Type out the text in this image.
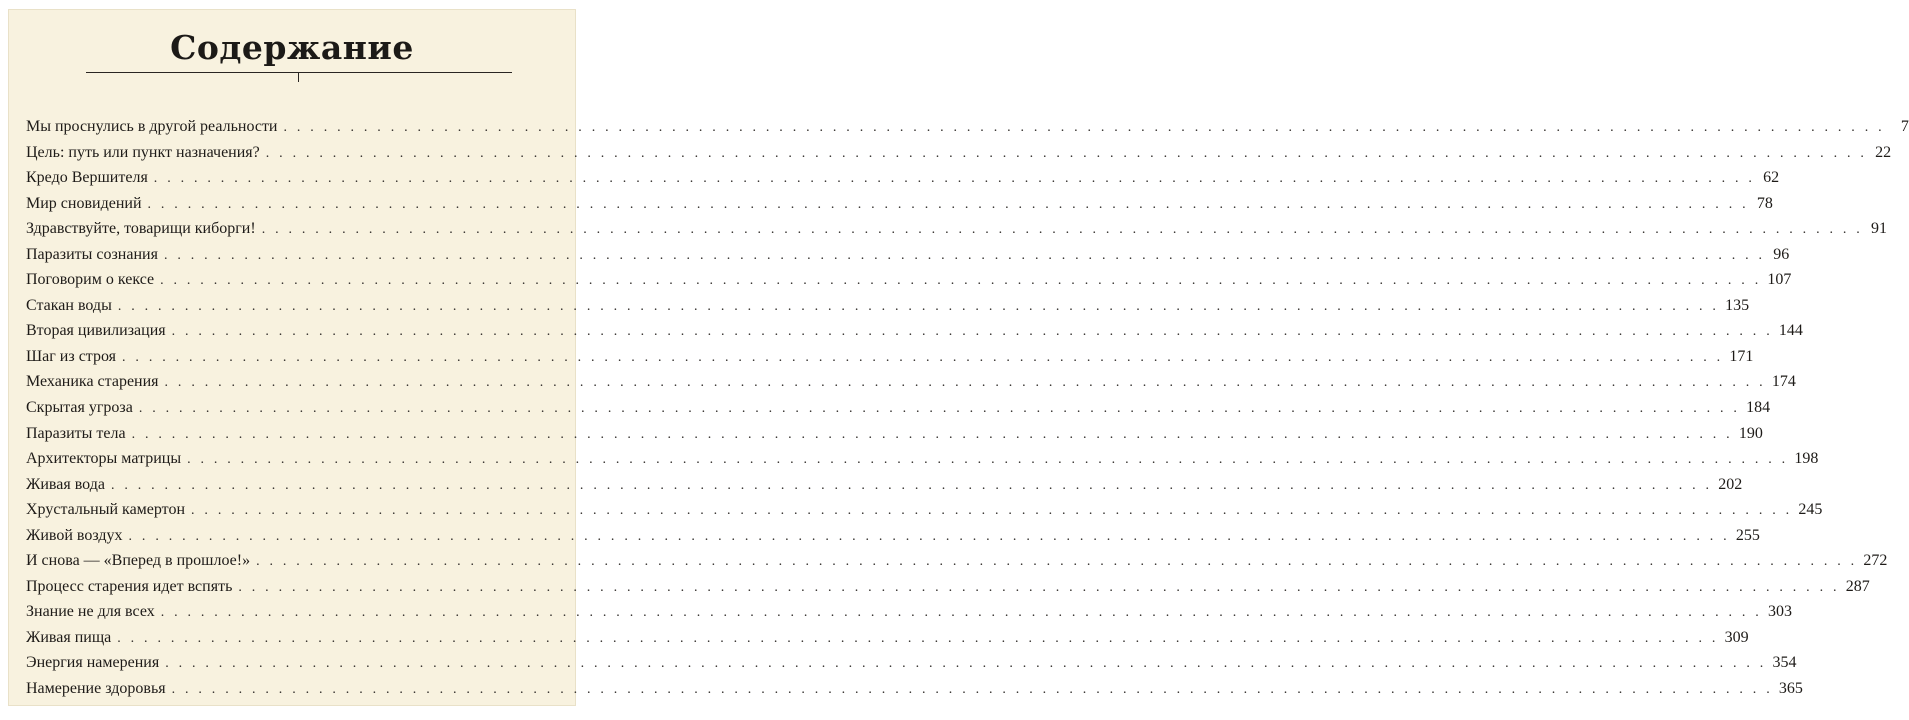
Содержание
Мы проснулись в другой реальности . . . . . . . . . . . . . . . . . . . . . . . . . . . . . . . . . . . . . . . . . . . . . . . . . . . . . . . . . . . . . . . . . . . . . . . . . . . . . . . . . . . . . . . . . . . . . . . . . . . . . . . . . . . . . . . . . . . . . . . .	7
Цель: путь или пункт назначения? . . . . . . . . . . . . . . . . . . . . . . . . . . . . . . . . . . . . . . . . . . . . . . . . . . . . . . . . . . . . . . . . . . . . . . . . . . . . . . . . . . . . . . . . . . . . . . . . . . . . . . . . . . . . . . . . . . . . . . . . 22
Кредо Вершителя . . . . . . . . . . . . . . . . . . . . . . . . . . . . . . . . . . . . . . . . . . . . . . . . . . . . . . . . . . . . . . . . . . . . . . . . . . . . . . . . . . . . . . . . . . . . . . . . . . . . . . . . . . . . . . . . . . . . . . . . 62
Мир сновидений . . . . . . . . . . . . . . . . . . . . . . . . . . . . . . . . . . . . . . . . . . . . . . . . . . . . . . . . . . . . . . . . . . . . . . . . . . . . . . . . . . . . . . . . . . . . . . . . . . . . . . . . . . . . . . . . . . . . . . . . 78
Здравствуйте, товарищи киборги! . . . . . . . . . . . . . . . . . . . . . . . . . . . . . . . . . . . . . . . . . . . . . . . . . . . . . . . . . . . . . . . . . . . . . . . . . . . . . . . . . . . . . . . . . . . . . . . . . . . . . . . . . . . . . . . . . . . . . . . . 91
Паразиты сознания . . . . . . . . . . . . . . . . . . . . . . . . . . . . . . . . . . . . . . . . . . . . . . . . . . . . . . . . . . . . . . . . . . . . . . . . . . . . . . . . . . . . . . . . . . . . . . . . . . . . . . . . . . . . . . . . . . . . . . . . 96
Поговорим о кексе . . . . . . . . . . . . . . . . . . . . . . . . . . . . . . . . . . . . . . . . . . . . . . . . . . . . . . . . . . . . . . . . . . . . . . . . . . . . . . . . . . . . . . . . . . . . . . . . . . . . . . . . . . . . . . . . . . . . . . . . 107
Стакан воды . . . . . . . . . . . . . . . . . . . . . . . . . . . . . . . . . . . . . . . . . . . . . . . . . . . . . . . . . . . . . . . . . . . . . . . . . . . . . . . . . . . . . . . . . . . . . . . . . . . . . . . . . . . . . . . . . . . . . . . . 135
Вторая цивилизация . . . . . . . . . . . . . . . . . . . . . . . . . . . . . . . . . . . . . . . . . . . . . . . . . . . . . . . . . . . . . . . . . . . . . . . . . . . . . . . . . . . . . . . . . . . . . . . . . . . . . . . . . . . . . . . . . . . . . . . . 144
Шаг из строя . . . . . . . . . . . . . . . . . . . . . . . . . . . . . . . . . . . . . . . . . . . . . . . . . . . . . . . . . . . . . . . . . . . . . . . . . . . . . . . . . . . . . . . . . . . . . . . . . . . . . . . . . . . . . . . . . . . . . . . . 171
Механика старения . . . . . . . . . . . . . . . . . . . . . . . . . . . . . . . . . . . . . . . . . . . . . . . . . . . . . . . . . . . . . . . . . . . . . . . . . . . . . . . . . . . . . . . . . . . . . . . . . . . . . . . . . . . . . . . . . . . . . . . . 174
Скрытая угроза . . . . . . . . . . . . . . . . . . . . . . . . . . . . . . . . . . . . . . . . . . . . . . . . . . . . . . . . . . . . . . . . . . . . . . . . . . . . . . . . . . . . . . . . . . . . . . . . . . . . . . . . . . . . . . . . . . . . . . . . 184
Паразиты тела . . . . . . . . . . . . . . . . . . . . . . . . . . . . . . . . . . . . . . . . . . . . . . . . . . . . . . . . . . . . . . . . . . . . . . . . . . . . . . . . . . . . . . . . . . . . . . . . . . . . . . . . . . . . . . . . . . . . . . . . 190
Архитекторы матрицы . . . . . . . . . . . . . . . . . . . . . . . . . . . . . . . . . . . . . . . . . . . . . . . . . . . . . . . . . . . . . . . . . . . . . . . . . . . . . . . . . . . . . . . . . . . . . . . . . . . . . . . . . . . . . . . . . . . . . . . . 198
Живая вода . . . . . . . . . . . . . . . . . . . . . . . . . . . . . . . . . . . . . . . . . . . . . . . . . . . . . . . . . . . . . . . . . . . . . . . . . . . . . . . . . . . . . . . . . . . . . . . . . . . . . . . . . . . . . . . . . . . . . . . . 202
Хрустальный камертон . . . . . . . . . . . . . . . . . . . . . . . . . . . . . . . . . . . . . . . . . . . . . . . . . . . . . . . . . . . . . . . . . . . . . . . . . . . . . . . . . . . . . . . . . . . . . . . . . . . . . . . . . . . . . . . . . . . . . . . . 245
Живой воздух . . . . . . . . . . . . . . . . . . . . . . . . . . . . . . . . . . . . . . . . . . . . . . . . . . . . . . . . . . . . . . . . . . . . . . . . . . . . . . . . . . . . . . . . . . . . . . . . . . . . . . . . . . . . . . . . . . . . . . . . 255
И снова — «Вперед в прошлое!» . . . . . . . . . . . . . . . . . . . . . . . . . . . . . . . . . . . . . . . . . . . . . . . . . . . . . . . . . . . . . . . . . . . . . . . . . . . . . . . . . . . . . . . . . . . . . . . . . . . . . . . . . . . . . . . . . . . . . . . . 272
Процесс старения идет вспять . . . . . . . . . . . . . . . . . . . . . . . . . . . . . . . . . . . . . . . . . . . . . . . . . . . . . . . . . . . . . . . . . . . . . . . . . . . . . . . . . . . . . . . . . . . . . . . . . . . . . . . . . . . . . . . . . . . . . . . . 287
Знание не для всех . . . . . . . . . . . . . . . . . . . . . . . . . . . . . . . . . . . . . . . . . . . . . . . . . . . . . . . . . . . . . . . . . . . . . . . . . . . . . . . . . . . . . . . . . . . . . . . . . . . . . . . . . . . . . . . . . . . . . . . . 303
Живая пища . . . . . . . . . . . . . . . . . . . . . . . . . . . . . . . . . . . . . . . . . . . . . . . . . . . . . . . . . . . . . . . . . . . . . . . . . . . . . . . . . . . . . . . . . . . . . . . . . . . . . . . . . . . . . . . . . . . . . . . . 309
Энергия намерения . . . . . . . . . . . . . . . . . . . . . . . . . . . . . . . . . . . . . . . . . . . . . . . . . . . . . . . . . . . . . . . . . . . . . . . . . . . . . . . . . . . . . . . . . . . . . . . . . . . . . . . . . . . . . . . . . . . . . . . . 354
Намерение здоровья . . . . . . . . . . . . . . . . . . . . . . . . . . . . . . . . . . . . . . . . . . . . . . . . . . . . . . . . . . . . . . . . . . . . . . . . . . . . . . . . . . . . . . . . . . . . . . . . . . . . . . . . . . . . . . . . . . . . . . . . 365
